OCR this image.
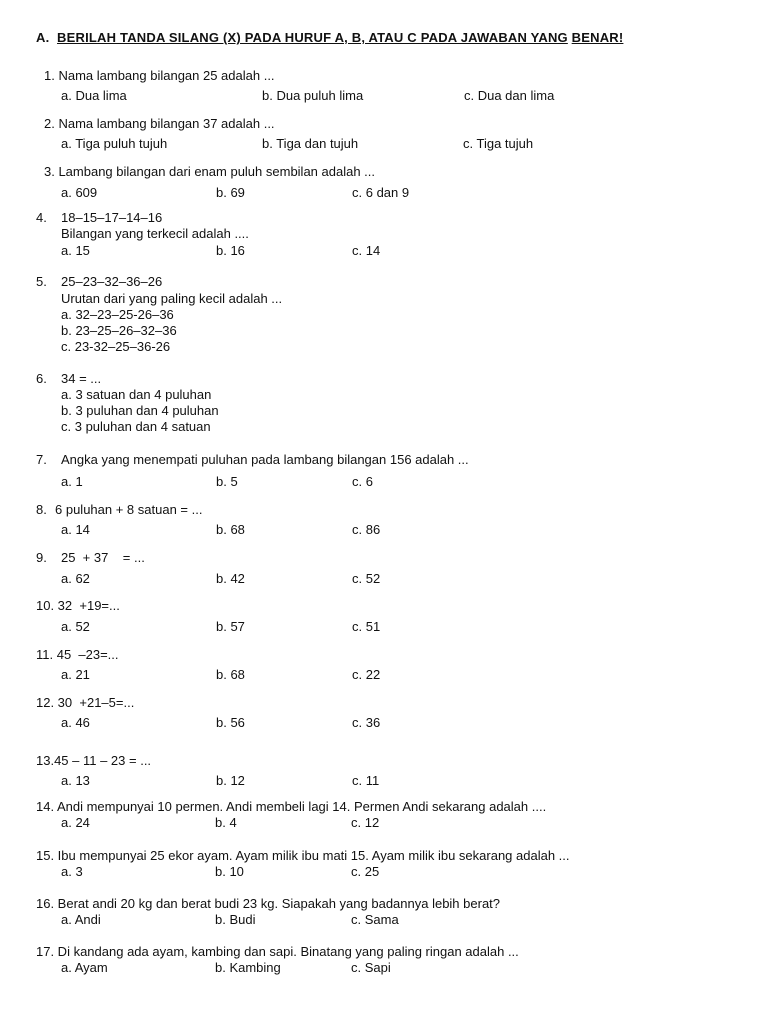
A. BERILAH TANDA SILANG (X) PADA HURUF A, B, ATAU C PADA JAWABAN YANG BENAR!
1. Nama lambang bilangan 25 adalah ...
a. Dua lima	b. Dua puluh lima	c. Dua dan lima
2. Nama lambang bilangan 37 adalah ...
a. Tiga puluh tujuh	b. Tiga dan tujuh	c. Tiga tujuh
3. Lambang bilangan dari enam puluh sembilan adalah ...
a. 609	b. 69	c. 6 dan 9
4. 18–15–17–14–16
Bilangan yang terkecil adalah ....
a. 15	b. 16	c. 14
5. 25–23–32–36–26
Urutan dari yang paling kecil adalah ...
a. 32–23–25-26–36
b. 23–25–26–32–36
c. 23-32–25–36-26
6. 34 = ...
a. 3 satuan dan 4 puluhan
b. 3 puluhan dan 4 puluhan
c. 3 puluhan dan 4 satuan
7. Angka yang menempati puluhan pada lambang bilangan 156 adalah ...
a. 1	b. 5	c. 6
8. 6 puluhan + 8 satuan = ...
a. 14	b. 68	c. 86
9. 25  + 37    = ...
a. 62	b. 42	c. 52
10. 32  +19=...
a. 52	b. 57	c. 51
11. 45  –23=...
a. 21	b. 68	c. 22
12. 30  +21–5=...
a. 46	b. 56	c. 36
13.45 – 11 – 23 = ...
a. 13	b. 12	c. 11
14. Andi mempunyai 10 permen. Andi membeli lagi 14. Permen Andi sekarang adalah ....
a. 24	b. 4	c. 12
15. Ibu mempunyai 25 ekor ayam. Ayam milik ibu mati 15. Ayam milik ibu sekarang adalah ...
a. 3	b. 10	c. 25
16. Berat andi 20 kg dan berat budi 23 kg. Siapakah yang badannya lebih berat?
a. Andi	b. Budi	c. Sama
17. Di kandang ada ayam, kambing dan sapi. Binatang yang paling ringan adalah ...
a. Ayam	b. Kambing	c. Sapi
